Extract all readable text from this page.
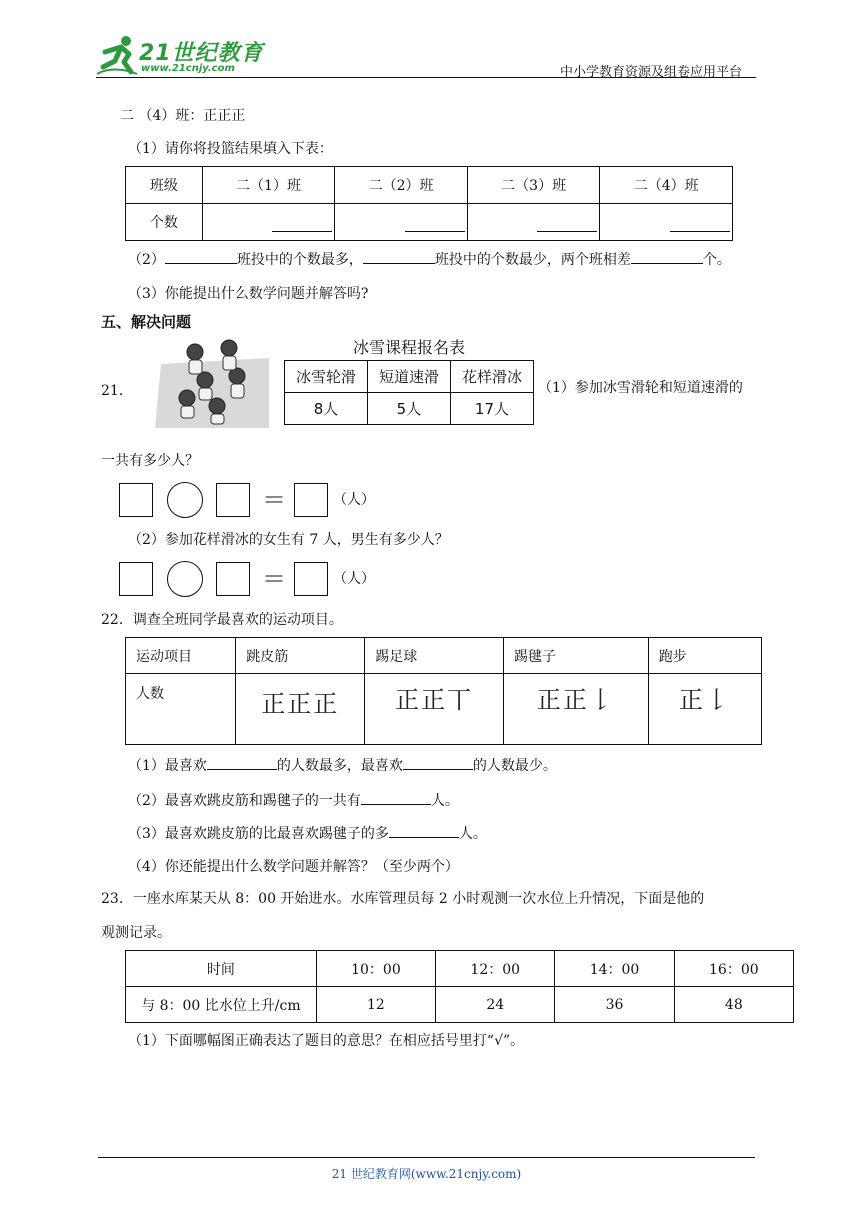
21世纪教育
www.21cnjy.com	中小学教育资源及组卷应用平台
二 （4）班：正正正
（1）请你将投篮结果填入下表：
班级	二（1）班	二（2）班	二（3）班	二（4）班
个数	

（2）	班投中的个数最多，	班投中的个数最少，两个班相差	个。
（3）你能提出什么数学问题并解答吗?
五、解决问题
21．
冰雪课程报名表
冰雪轮滑	短道速滑	花样滑冰
8人	5人	17人
（1）参加冰雪滑轮和短道速滑的
一共有多少人？
＝	（人）
（2）参加花样滑冰的女生有 7 人，男生有多少人？
＝	（人）
22．调查全班同学最喜欢的运动项目。
运动项目	跳皮筋	踢足球	踢毽子	跑步
人数	正正正	正正丅	正正𠄌	正𠄌
（1）最喜欢	的人数最多，最喜欢	的人数最少。
（2）最喜欢跳皮筋和踢毽子的一共有	人。
（3）最喜欢跳皮筋的比最喜欢踢毽子的多	人。
（4）你还能提出什么数学问题并解答？（至少两个）
23．一座水库某天从 8：00 开始进水。水库管理员每 2 小时观测一次水位上升情况，下面是他的
观测记录。
时间	10：00	12：00	14：00	16：00
与 8：00 比水位上升/cm	12	24	36	48
（1）下面哪幅图正确表达了题目的意思？在相应括号里打“√”。
21 世纪教育网(www.21cnjy.com)
